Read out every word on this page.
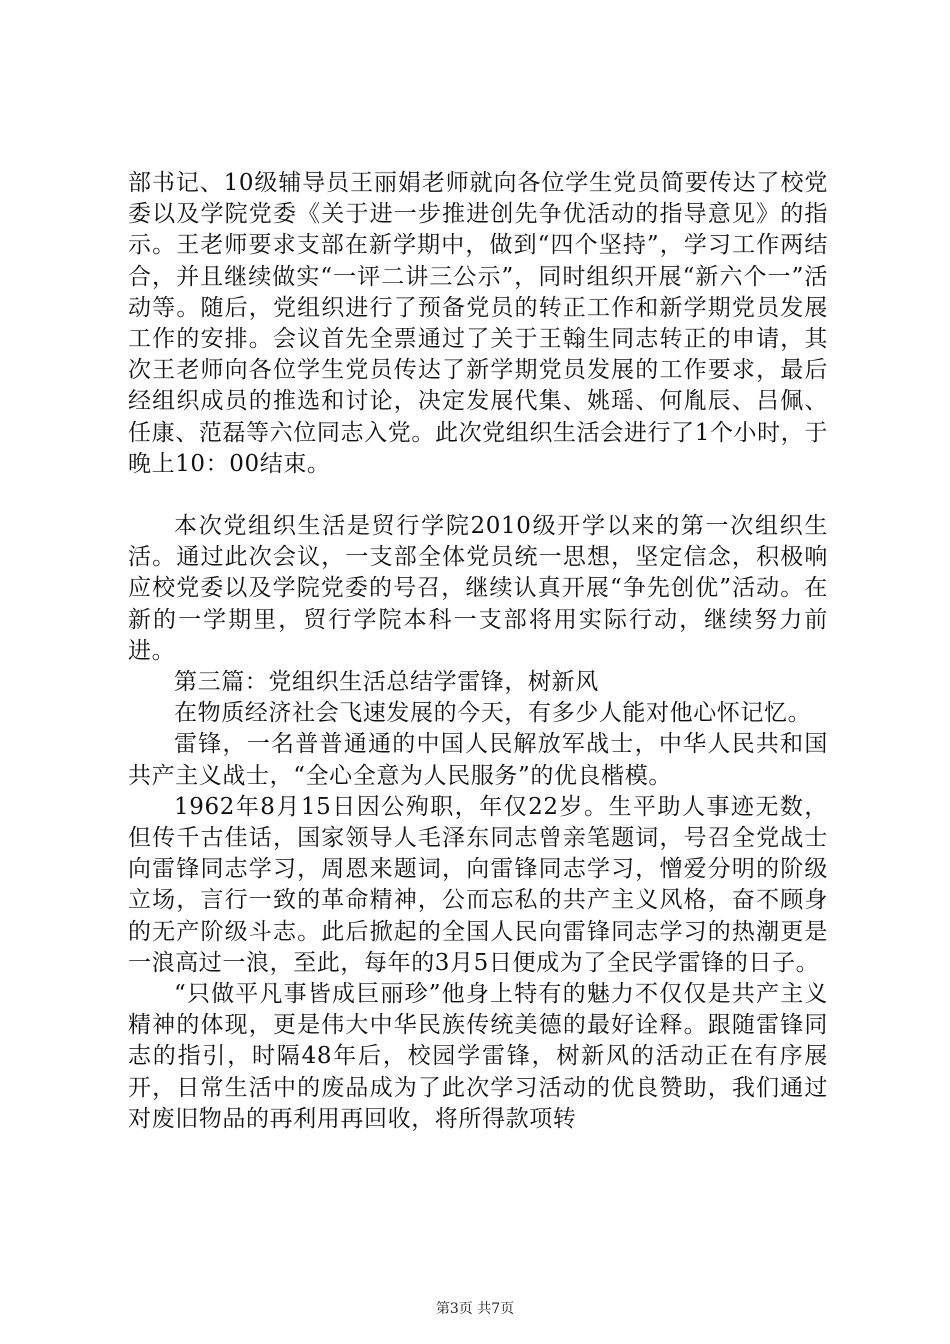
部书记、10级辅导员王丽娟老师就向各位学生党员简要传达了校党委以及学院党委《关于进一步推进创先争优活动的指导意见》的指示。王老师要求支部在新学期中，做到“四个坚持”，学习工作两结合，并且继续做实“一评二讲三公示”，同时组织开展“新六个一”活动等。随后，党组织进行了预备党员的转正工作和新学期党员发展工作的安排。会议首先全票通过了关于王翰生同志转正的申请，其次王老师向各位学生党员传达了新学期党员发展的工作要求，最后经组织成员的推选和讨论，决定发展代集、姚瑶、何胤辰、吕佩、任康、范磊等六位同志入党。此次党组织生活会进行了1个小时，于晚上10：00结束。

本次党组织生活是贸行学院2010级开学以来的第一次组织生活。通过此次会议，一支部全体党员统一思想，坚定信念，积极响应校党委以及学院党委的号召，继续认真开展“争先创优”活动。在新的一学期里，贸行学院本科一支部将用实际行动，继续努力前进。

第三篇：党组织生活总结学雷锋，树新风

在物质经济社会飞速发展的今天，有多少人能对他心怀记忆。

雷锋，一名普普通通的中国人民解放军战士，中华人民共和国共产主义战士，“全心全意为人民服务”的优良楷模。

1962年8月15日因公殉职，年仅22岁。生平助人事迹无数，但传千古佳话，国家领导人毛泽东同志曾亲笔题词，号召全党战士向雷锋同志学习，周恩来题词，向雷锋同志学习，憎爱分明的阶级立场，言行一致的革命精神，公而忘私的共产主义风格，奋不顾身的无产阶级斗志。此后掀起的全国人民向雷锋同志学习的热潮更是一浪高过一浪，至此，每年的3月5日便成为了全民学雷锋的日子。

“只做平凡事皆成巨丽珍”他身上特有的魅力不仅仅是共产主义精神的体现，更是伟大中华民族传统美德的最好诠释。跟随雷锋同志的指引，时隔48年后，校园学雷锋，树新风的活动正在有序展开，日常生活中的废品成为了此次学习活动的优良赞助，我们通过对废旧物品的再利用再回收，将所得款项转

第3页 共7页
